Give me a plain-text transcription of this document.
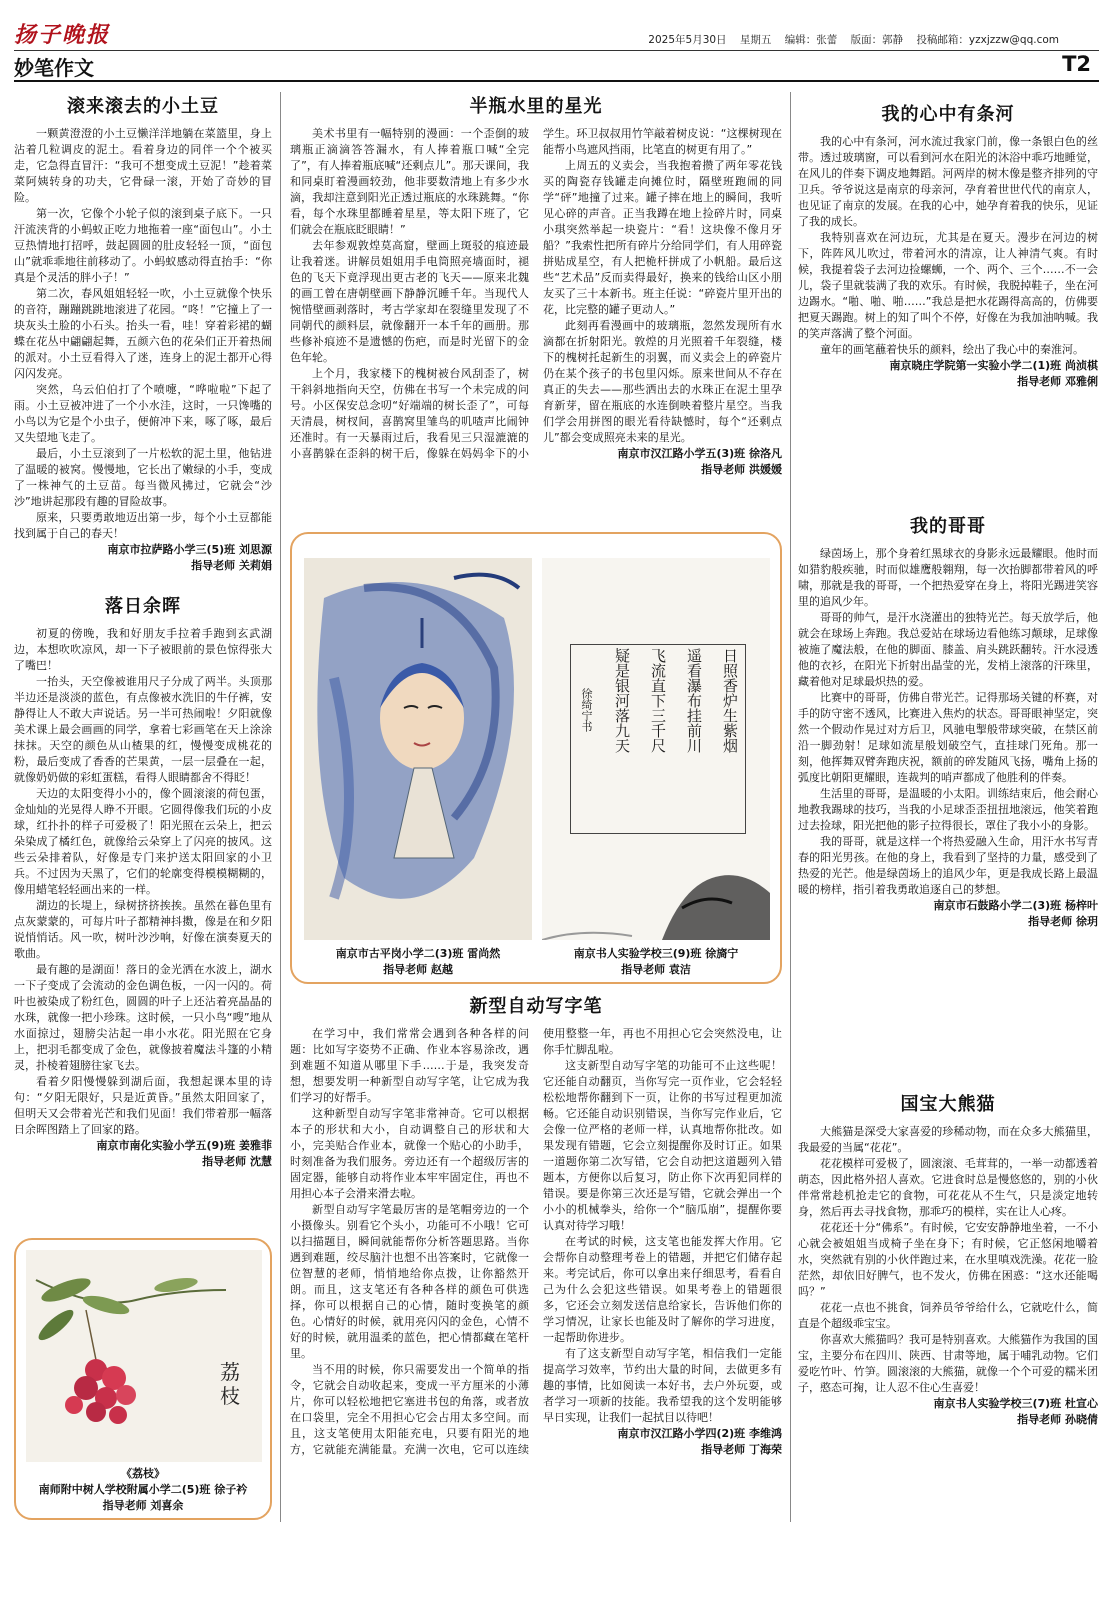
扬子晚报	2025年5月30日 星期五 编辑：张蕾 版面：郭静 投稿邮箱：yzxjzzw@qq.com
妙笔作文	T2
滚来滚去的小土豆

一颗黄澄澄的小土豆懒洋洋地躺在菜篮里，身上沾着几粒调皮的泥土。看着身边的同伴一个个被买走，它急得直冒汗：“我可不想变成土豆泥！”趁着菜菜阿姨转身的功夫，它骨碌一滚，开始了奇妙的冒险。

第一次，它像个小轮子似的滚到桌子底下。一只汗流浃背的小蚂蚁正吃力地拖着一座“面包山”。小土豆热情地打招呼，鼓起圆圆的肚皮轻轻一顶，“面包山”就乖乖地往前移动了。小蚂蚁感动得直抬手：“你真是个灵活的胖小子！”

第二次，春风姐姐轻轻一吹，小土豆就像个快乐的音符，蹦蹦跳跳地滚进了花园。“咚！”它撞上了一块灰头土脸的小石头。抬头一看，哇！穿着彩裙的蝴蝶在花丛中翩翩起舞，五颜六色的花朵们正开着热闹的派对。小土豆看得入了迷，连身上的泥土都开心得闪闪发亮。

突然，乌云伯伯打了个喷嚏，“哗啦啦”下起了雨。小土豆被冲进了一个小水洼，这时，一只馋嘴的小鸟以为它是个小虫子，便俯冲下来，啄了啄，最后又失望地飞走了。

最后，小土豆滚到了一片松软的泥土里，他钻进了温暖的被窝。慢慢地，它长出了嫩绿的小手，变成了一株神气的土豆苗。每当微风拂过，它就会“沙沙”地讲起那段有趣的冒险故事。

原来，只要勇敢地迈出第一步，每个小土豆都能找到属于自己的春天！

南京市拉萨路小学三(5)班 刘思源
指导老师 关莉娟
落日余晖

初夏的傍晚，我和好朋友手拉着手跑到玄武湖边，本想吹吹凉风，却一下子被眼前的景色惊得张大了嘴巴！

一抬头，天空像被谁用尺子分成了两半。头顶那半边还是淡淡的蓝色，有点像被水洗旧的牛仔裤，安静得让人不敢大声说话。另一半可热闹啦！夕阳就像美术课上最会画画的同学，拿着七彩画笔在天上涂涂抹抹。天空的颜色从山楂果的红，慢慢变成桃花的粉，最后变成了香香的芒果黄，一层一层叠在一起，就像奶奶做的彩虹蛋糕，看得人眼睛都舍不得眨！

天边的太阳变得小小的，像个圆滚滚的荷包蛋，金灿灿的光晃得人睁不开眼。它圆得像我们玩的小皮球，红扑扑的样子可爱极了！阳光照在云朵上，把云朵染成了橘红色，就像给云朵穿上了闪亮的披风。这些云朵排着队，好像是专门来护送太阳回家的小卫兵。不过因为天黑了，它们的轮廓变得模模糊糊的，像用蜡笔轻轻画出来的一样。

湖边的长堤上，绿树挤挤挨挨。虽然在暮色里有点灰蒙蒙的，可每片叶子都精神抖擞，像是在和夕阳说悄悄话。风一吹，树叶沙沙响，好像在演奏夏天的歌曲。

最有趣的是湖面！落日的金光洒在水波上，湖水一下子变成了会流动的金色调色板，一闪一闪的。荷叶也被染成了粉红色，圆圆的叶子上还沾着亮晶晶的水珠，就像一把小珍珠。这时候，一只小鸟“嗖”地从水面掠过，翅膀尖沾起一串小水花。阳光照在它身上，把羽毛都变成了金色，就像披着魔法斗篷的小精灵，扑棱着翅膀往家飞去。

看着夕阳慢慢躲到湖后面，我想起课本里的诗句：“夕阳无限好，只是近黄昏。”虽然太阳回家了，但明天又会带着光芒和我们见面！我们带着那一幅落日余晖图踏上了回家的路。

南京市南化实验小学五(9)班 姜雅菲
指导老师 沈慧
荔枝
《荔枝》
南师附中树人学校附属小学二(5)班 徐子衿
指导老师 刘喜余
半瓶水里的星光

美术书里有一幅特别的漫画：一个歪倒的玻璃瓶正滴滴答答漏水，有人捧着瓶口喊“全完了”，有人捧着瓶底喊“还剩点儿”。那天课间，我和同桌盯着漫画较劲，他非要数清地上有多少水滴，我却注意到阳光正透过瓶底的水珠跳舞。“你看，每个水珠里都睡着星星，等太阳下班了，它们就会在瓶底眨眼睛！”

去年参观敦煌莫高窟，壁画上斑驳的痕迹最让我着迷。讲解员姐姐用手电筒照亮墙面时，褪色的飞天下竟浮现出更古老的飞天——原来北魏的画工曾在唐朝壁画下静静沉睡千年。当现代人惋惜壁画剥落时，考古学家却在裂缝里发现了不同朝代的颜料层，就像翻开一本千年的画册。那些修补痕迹不是遗憾的伤疤，而是时光留下的金色年轮。

上个月，我家楼下的槐树被台风刮歪了，树干斜斜地指向天空，仿佛在书写一个未完成的问号。小区保安总念叨“好端端的树长歪了”，可每天清晨，树杈间，喜鹊窝里雏鸟的叽喳声比闹钟还准时。有一天暴雨过后，我看见三只湿漉漉的小喜鹊躲在歪斜的树干后，像躲在妈妈伞下的小学生。环卫叔叔用竹竿敲着树皮说：“这棵树现在能帮小鸟遮风挡雨，比笔直的树更有用了。”

上周五的义卖会，当我抱着攒了两年零花钱买的陶瓷存钱罐走向摊位时，隔壁班跑闹的同学“砰”地撞了过来。罐子摔在地上的瞬间，我听见心碎的声音。正当我蹲在地上捡碎片时，同桌小琪突然举起一块瓷片：“看！这块像不像月牙船？”我索性把所有碎片分给同学们，有人用碎瓷拼贴成星空，有人把桅杆拼成了小帆船。最后这些“艺术品”反而卖得最好，换来的钱给山区小朋友买了三十本新书。班主任说：“碎瓷片里开出的花，比完整的罐子更动人。”

此刻再看漫画中的玻璃瓶，忽然发现所有水滴都在折射阳光。敦煌的月光照着千年裂缝，楼下的槐树托起新生的羽翼，而义卖会上的碎瓷片仍在某个孩子的书包里闪烁。原来世间从不存在真正的失去——那些洒出去的水珠正在泥土里孕育新芽，留在瓶底的水连倒映着整片星空。当我们学会用拼图的眼光看待缺憾时，每个“还剩点儿”都会变成照亮未来的星光。

南京市汉江路小学五(3)班 徐洛凡
指导老师 洪媛媛
日照香炉生紫烟
遥看瀑布挂前川
飞流直下三千尺
疑是银河落九天
徐绮宁书
南京市古平岗小学二(3)班 雷尚然
指导老师 赵越
南京书人实验学校三(9)班 徐旖宁
指导老师 袁洁
新型自动写字笔

在学习中，我们常常会遇到各种各样的问题：比如写字姿势不正确、作业本容易涂改，遇到难题不知道从哪里下手……于是，我突发奇想，想要发明一种新型自动写字笔，让它成为我们学习的好帮手。

这种新型自动写字笔非常神奇。它可以根据本子的形状和大小，自动调整自己的形状和大小，完美贴合作业本，就像一个贴心的小助手，时刻准备为我们服务。旁边还有一个超级厉害的固定器，能够自动将作业本牢牢固定住，再也不用担心本子会滑来滑去啦。

新型自动写字笔最厉害的是笔帽旁边的一个小摄像头。别看它个头小，功能可不小哦！它可以扫描题目，瞬间就能帮你分析答题思路。当你遇到难题，绞尽脑汁也想不出答案时，它就像一位智慧的老师，悄悄地给你点拨，让你豁然开朗。而且，这支笔还有各种各样的颜色可供选择，你可以根据自己的心情，随时变换笔的颜色。心情好的时候，就用亮闪闪的金色，心情不好的时候，就用温柔的蓝色，把心情都藏在笔杆里。

当不用的时候，你只需要发出一个简单的指令，它就会自动收起来，变成一平方厘米的小薄片，你可以轻松地把它塞进书包的角落，或者放在口袋里，完全不用担心它会占用太多空间。而且，这支笔使用太阳能充电，只要有阳光的地方，它就能充满能量。充满一次电，它可以连续使用整整一年，再也不用担心它会突然没电，让你手忙脚乱啦。

这支新型自动写字笔的功能可不止这些呢！它还能自动翻页，当你写完一页作业，它会轻轻松松地帮你翻到下一页，让你的书写过程更加流畅。它还能自动识别错误，当你写完作业后，它会像一位严格的老师一样，认真地帮你批改。如果发现有错题，它会立刻提醒你及时订正。如果一道题你第二次写错，它会自动把这道题列入错题本，方便你以后复习，防止你下次再犯同样的错误。要是你第三次还是写错，它就会弹出一个小小的机械拳头，给你一个“脑瓜崩”，提醒你要认真对待学习哦！

在考试的时候，这支笔也能发挥大作用。它会帮你自动整理考卷上的错题，并把它们储存起来。考完试后，你可以拿出来仔细思考，看看自己为什么会犯这些错误。如果考卷上的错题很多，它还会立刻发送信息给家长，告诉他们你的学习情况，让家长也能及时了解你的学习进度，一起帮助你进步。

有了这支新型自动写字笔，相信我们一定能提高学习效率，节约出大量的时间，去做更多有趣的事情，比如阅读一本好书，去户外玩耍，或者学习一项新的技能。我希望我的这个发明能够早日实现，让我们一起拭目以待吧！

南京市汉江路小学四(2)班 李维鸿
指导老师 丁海荣
我的心中有条河

我的心中有条河，河水流过我家门前，像一条银白色的丝带。透过玻璃窗，可以看到河水在阳光的沐浴中乖巧地睡觉，在风儿的伴奏下调皮地舞蹈。河两岸的树木像是整齐排列的守卫兵。爷爷说这是南京的母亲河，孕育着世世代代的南京人，也见证了南京的发展。在我的心中，她孕育着我的快乐，见证了我的成长。

我特别喜欢在河边玩，尤其是在夏天。漫步在河边的树下，阵阵风儿吹过，带着河水的清凉，让人神清气爽。有时候，我提着袋子去河边捡螺蛳，一个、两个、三个……不一会儿，袋子里就装满了我的欢乐。有时候，我脱掉鞋子，坐在河边踢水。“啪、啪、啪……”我总是把水花踢得高高的，仿佛要把夏天踢跑。树上的知了叫个不停，好像在为我加油呐喊。我的笑声落满了整个河面。

童年的画笔蘸着快乐的颜料，绘出了我心中的秦淮河。

南京晓庄学院第一实验小学二(1)班 尚浈棋
指导老师 邓雅俐
我的哥哥

绿茵场上，那个身着红黑球衣的身影永远最耀眼。他时而如猎豹般疾驰，时而似雄鹰般翱翔，每一次抬脚都带着风的呼啸，那就是我的哥哥，一个把热爱穿在身上，将阳光踢进笑容里的追风少年。

哥哥的帅气，是汗水浇灌出的独特光芒。每天放学后，他就会在球场上奔跑。我总爱站在球场边看他练习颠球，足球像被施了魔法般，在他的脚面、膝盖、肩头跳跃翻转。汗水浸透他的衣衫，在阳光下折射出晶莹的光，发梢上滚落的汗珠里，藏着他对足球最炽热的爱。

比赛中的哥哥，仿佛自带光芒。记得那场关键的杯赛，对手的防守密不透风，比赛进入焦灼的状态。哥哥眼神坚定，突然一个假动作晃过对方后卫，风驰电掣般带球突破，在禁区前沿一脚劲射！足球如流星般划破空气，直挂球门死角。那一刻，他挥舞双臂奔跑庆祝，额前的碎发随风飞扬，嘴角上扬的弧度比朝阳更耀眼，连裁判的哨声都成了他胜利的伴奏。

生活里的哥哥，是温暖的小太阳。训练结束后，他会耐心地教我踢球的技巧，当我的小足球歪歪扭扭地滚远，他笑着跑过去捡球，阳光把他的影子拉得很长，罩住了我小小的身影。

我的哥哥，就是这样一个将热爱融入生命，用汗水书写青春的阳光男孩。在他的身上，我看到了坚持的力量，感受到了热爱的光芒。他是绿茵场上的追风少年，更是我成长路上最温暖的榜样，指引着我勇敢追逐自己的梦想。

南京市石鼓路小学二(3)班 杨梓叶
指导老师 徐玥
国宝大熊猫

大熊猫是深受大家喜爱的珍稀动物，而在众多大熊猫里，我最爱的当属“花花”。

花花模样可爱极了，圆滚滚、毛茸茸的，一举一动都透着萌态，因此格外招人喜欢。它进食时总是慢悠悠的，别的小伙伴常常趁机抢走它的食物，可花花从不生气，只是淡定地转身，然后再去寻找食物，那乖巧的模样，实在让人心疼。

花花还十分“佛系”。有时候，它安安静静地坐着，一不小心就会被姐姐当成椅子坐在身下；有时候，它正悠闲地嚼着水，突然就有别的小伙伴跑过来，在水里嗔戏洗澡。花花一脸茫然，却依旧好脾气，也不发火，仿佛在困惑：“这水还能喝吗？”

花花一点也不挑食，饲养员爷爷给什么，它就吃什么，简直是个超级乖宝宝。

你喜欢大熊猫吗？我可是特别喜欢。大熊猫作为我国的国宝，主要分布在四川、陕西、甘肃等地，属于哺乳动物。它们爱吃竹叶、竹笋。圆滚滚的大熊猫，就像一个个可爱的糯米团子，憨态可掬，让人忍不住心生喜爱！

南京书人实验学校三(7)班 杜宣心
指导老师 孙晓倩
